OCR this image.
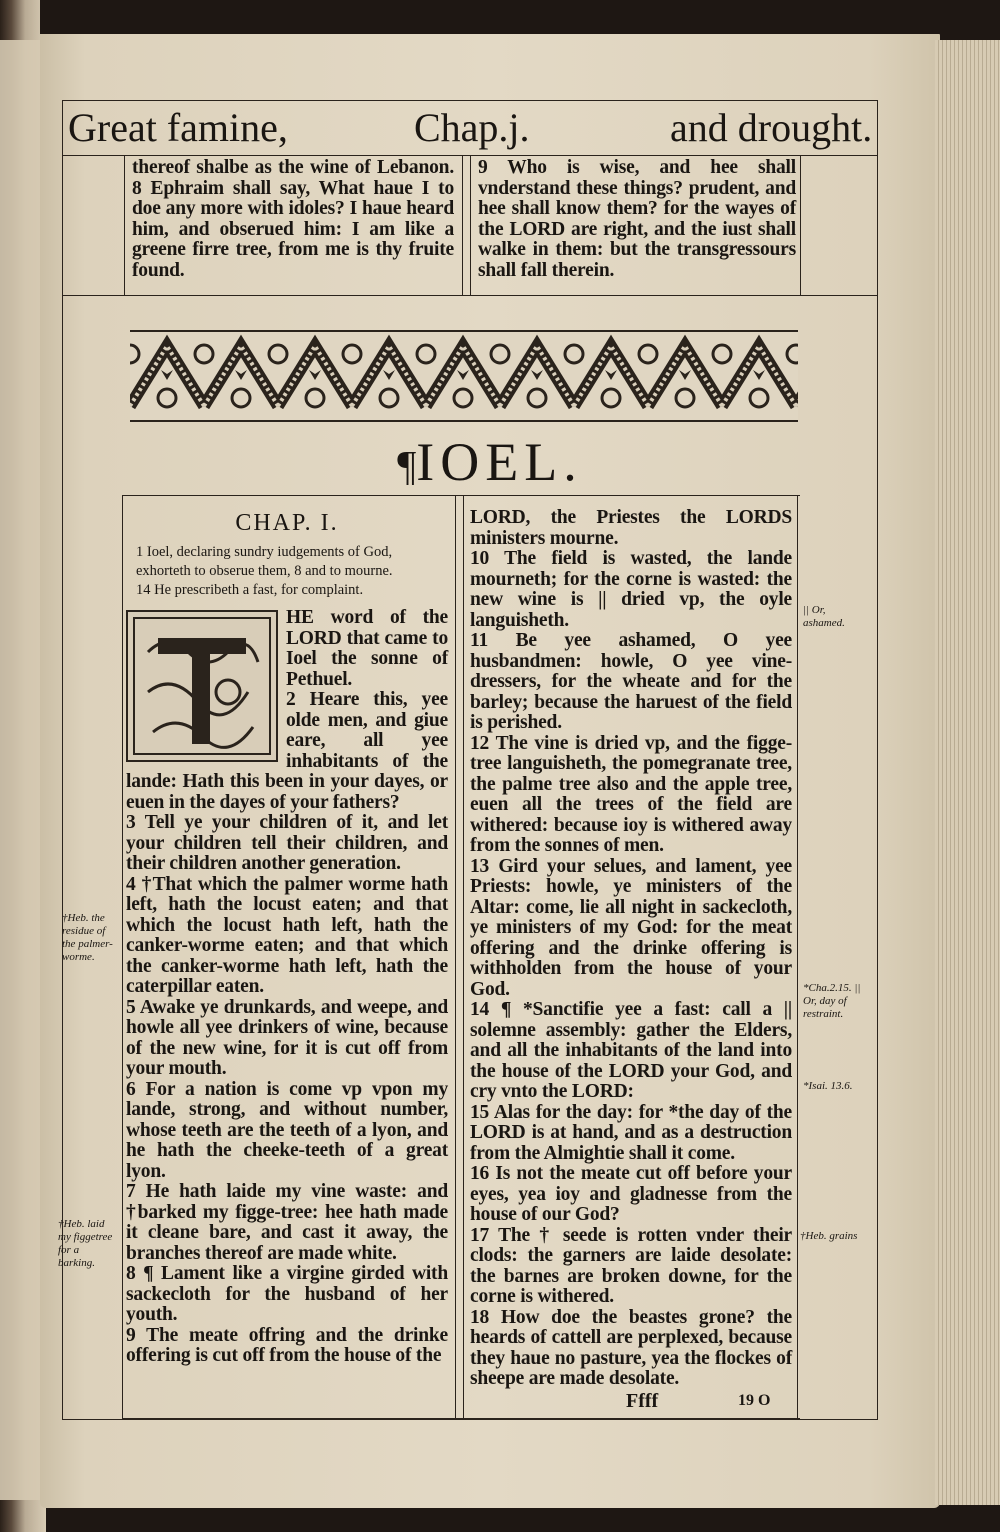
Great famine,	Chap.j.	and drought.
thereof shalbe as the wine of Lebanon. 8 Ephraim shall say, What haue I to doe any more with idoles? I haue heard him, and obserued him: I am like a greene firre tree, from me is thy fruite found.
9 Who is wise, and hee shall vnderstand these things? prudent, and hee shall know them? for the wayes of the LORD are right, and the iust shall walke in them: but the transgressours shall fall therein.
¶IOEL.
CHAP. I.

1 Ioel, declaring sundry iudgements of God, exhorteth to obserue them, 8 and to mourne.

14 He prescribeth a fast, for complaint.

HE word of the LORD that came to Ioel the sonne of Pethuel.

2 Heare this, yee olde men, and giue eare, all yee inhabitants of the lande: Hath this been in your dayes, or euen in the dayes of your fathers?

3 Tell ye your children of it, and let your children tell their children, and their children another generation.

4 †That which the palmer worme hath left, hath the locust eaten; and that which the locust hath left, hath the canker-worme eaten; and that which the canker-worme hath left, hath the caterpillar eaten.

5 Awake ye drunkards, and weepe, and howle all yee drinkers of wine, because of the new wine, for it is cut off from your mouth.

6 For a nation is come vp vpon my lande, strong, and without number, whose teeth are the teeth of a lyon, and he hath the cheeke-teeth of a great lyon.

7 He hath laide my vine waste: and †barked my figge-tree: hee hath made it cleane bare, and cast it away, the branches thereof are made white.

8 ¶ Lament like a virgine girded with sackecloth for the husband of her youth.

9 The meate offring and the drinke offering is cut off from the house of the

LORD, the Priestes the LORDS ministers mourne.

10 The field is wasted, the lande mourneth; for the corne is wasted: the new wine is || dried vp, the oyle languisheth.

11 Be yee ashamed, O yee husbandmen: howle, O yee vine-dressers, for the wheate and for the barley; because the haruest of the field is perished.

12 The vine is dried vp, and the figge-tree languisheth, the pomegranate tree, the palme tree also and the apple tree, euen all the trees of the field are withered: because ioy is withered away from the sonnes of men.

13 Gird your selues, and lament, yee Priests: howle, ye ministers of the Altar: come, lie all night in sackecloth, ye ministers of my God: for the meat offering and the drinke offering is withholden from the house of your God.

14 ¶ *Sanctifie yee a fast: call a || solemne assembly: gather the Elders, and all the inhabitants of the land into the house of the LORD your God, and cry vnto the LORD:

15 Alas for the day: for *the day of the LORD is at hand, and as a destruction from the Almightie shall it come.

16 Is not the meate cut off before your eyes, yea ioy and gladnesse from the house of our God?

17 The † seede is rotten vnder their clods: the garners are laide desolate: the barnes are broken downe, for the corne is withered.

18 How doe the beastes grone? the heards of cattell are perplexed, because they haue no pasture, yea the flockes of sheepe are made desolate.

|| Or, ashamed.
†Heb. the residue of the palmer-worme.
†Heb. laid my figgetree for a barking.
*Cha.2.15. || Or, day of restraint.
*Isai. 13.6.
†Heb. grains
Ffff	19 O
